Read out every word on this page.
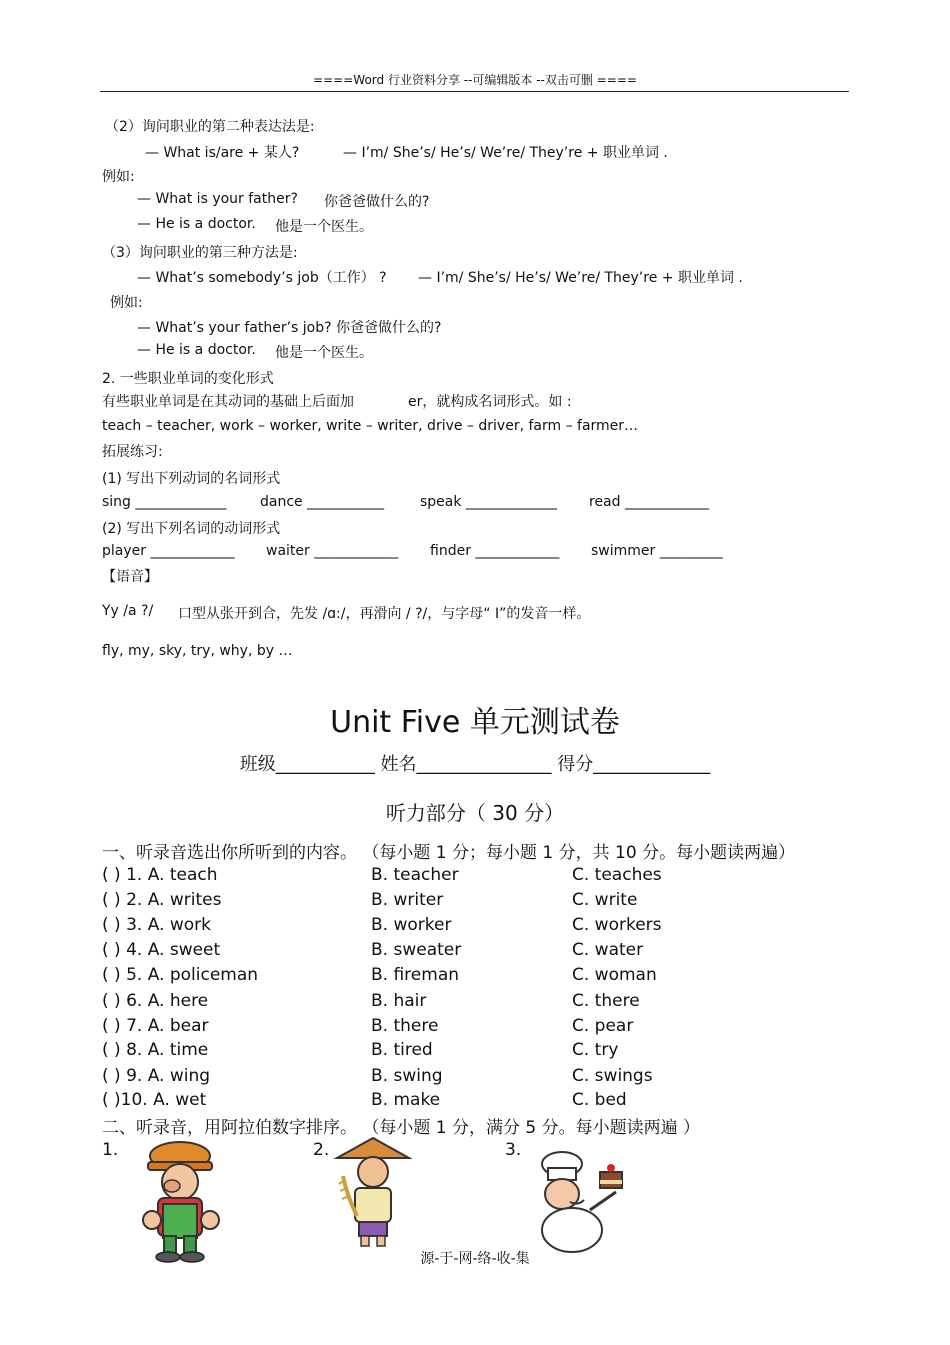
====Word 行业资料分享 --可编辑版本 --双击可删 ====
（2）询问职业的第二种表达法是:
— What is/are + 某人?	— I’m/ She’s/ He’s/ We’re/ They’re + 职业单词 .
例如:
— What is your father? 你爸爸做什么的?
— He is a doctor. 他是一个医生。
（3）询问职业的第三种方法是:
— What’s somebody’s job（工作） ? — I’m/ She’s/ He’s/ We’re/ They’re + 职业单词 .
例如:
— What’s your father’s job? 你爸爸做什么的?
— He is a doctor. 他是一个医生。
2. 一些职业单词的变化形式
有些职业单词是在其动词的基础上后面加	er，就构成名词形式。如 :
teach – teacher, work – worker, write – writer, drive – driver, farm – farmer…
拓展练习:
(1) 写出下列动词的名词形式
sing _____________ dance ___________	speak _____________ read ____________
(2) 写出下列名词的动词形式
player ____________ waiter ____________ finder ____________ swimmer _________
【语音】
Yy /a ?/ 口型从张开到合，先发 /ɑ:/，再滑向 / ?/，与字母“ I”的发音一样。
fly, my, sky, try, why, by …
Unit Five 单元测试卷
班级___________ 姓名_______________ 得分_____________
听力部分（ 30 分）
一、听录音选出你所听到的内容。 （每小题 1 分；每小题 1 分，共 10 分。每小题读两遍）
( ) 1. A. teach	B. teacher	C. teaches
( ) 2. A. writes	B. writer	C. write
( ) 3. A. work	B. worker	C. workers
( ) 4. A. sweet	B. sweater	C. water
( ) 5. A. policeman	B. fireman	C. woman
( ) 6. A. here	B. hair	C. there
( ) 7. A. bear	B. there	C. pear
( ) 8. A. time	B. tired	C. try
( ) 9. A. wing	B. swing	C. swings
( )10. A. wet	B. make	C. bed
二、听录音，用阿拉伯数字排序。 （每小题 1 分，满分 5 分。每小题读两遍 ）
1.	2.	3.
源-于-网-络-收-集
